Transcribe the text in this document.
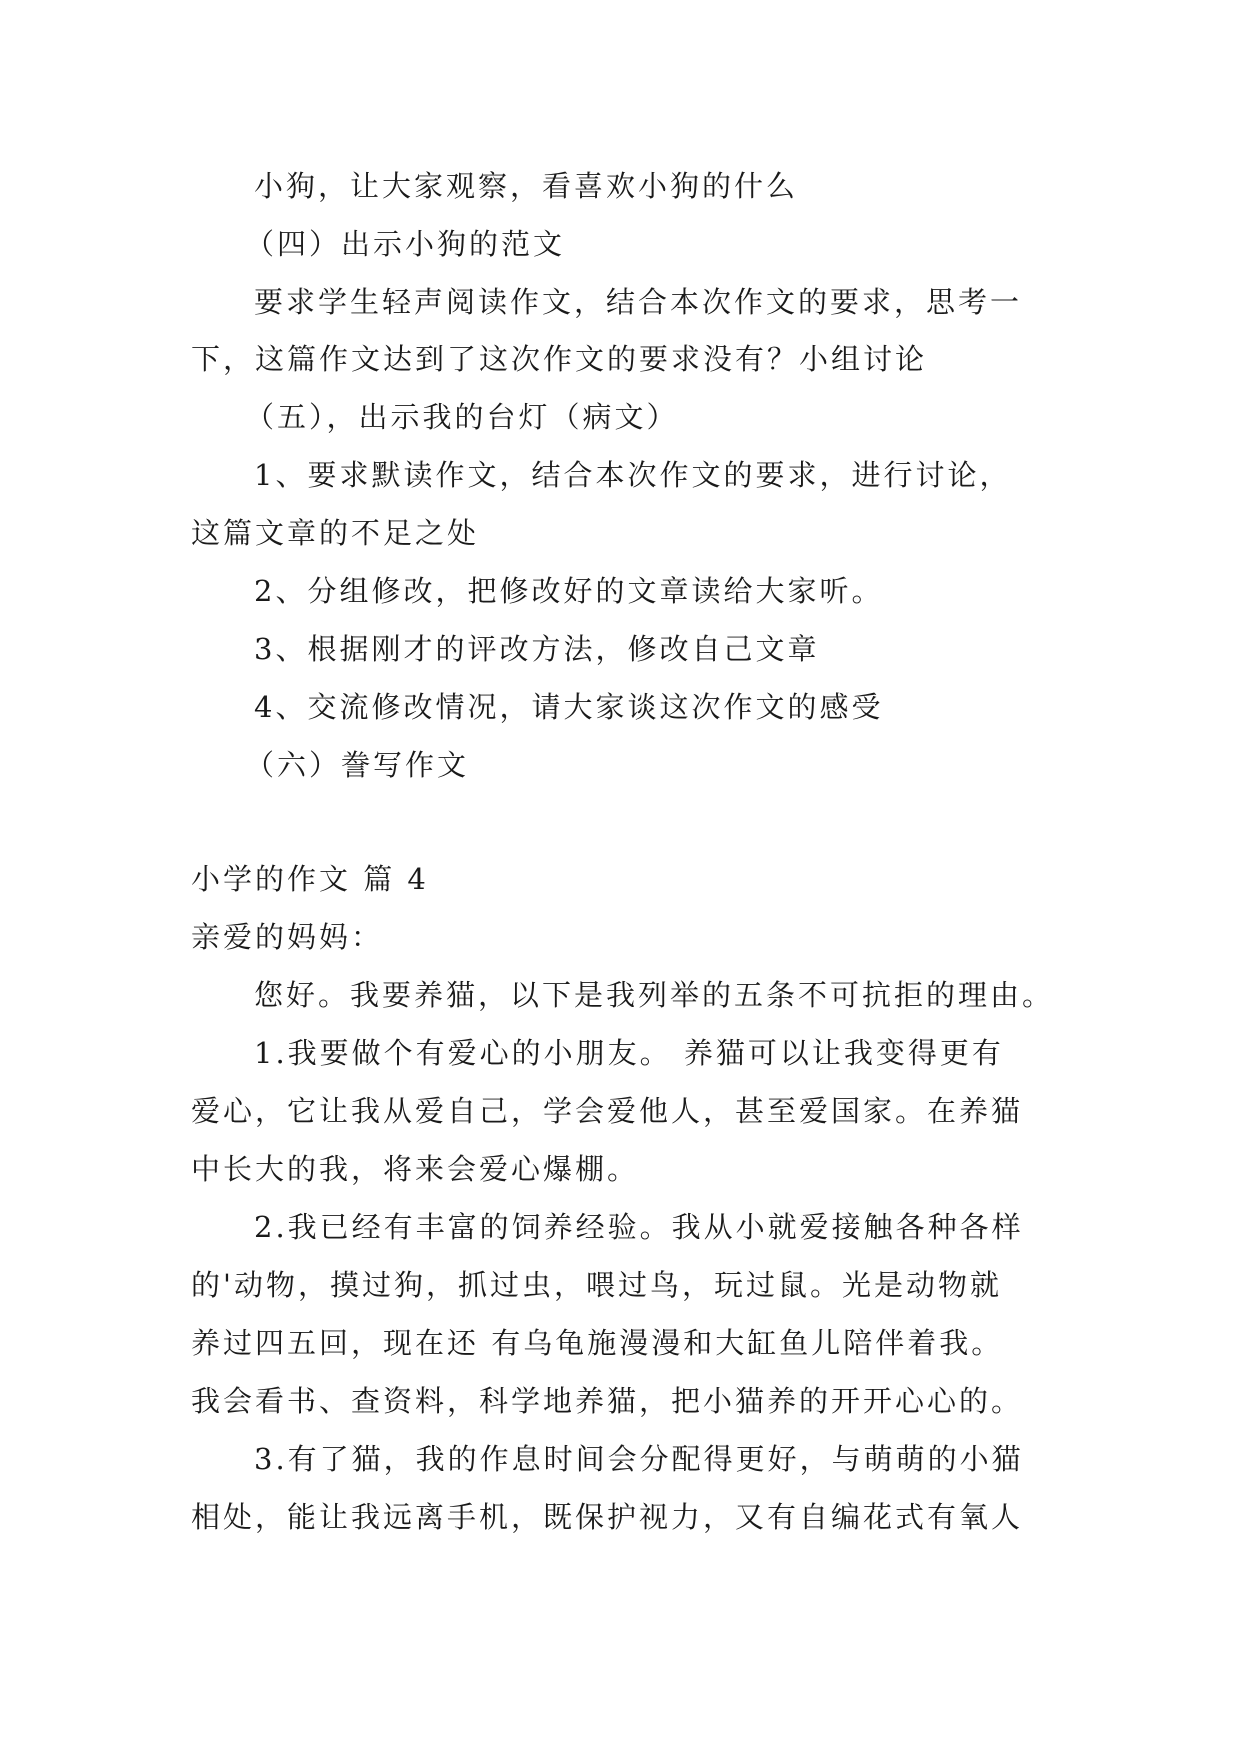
小狗，让大家观察，看喜欢小狗的什么
（四）出示小狗的范文
要求学生轻声阅读作文，结合本次作文的要求，思考一
下，这篇作文达到了这次作文的要求没有？小组讨论
（五），出示我的台灯（病文）
1、要求默读作文，结合本次作文的要求，进行讨论，
这篇文章的不足之处
2、分组修改，把修改好的文章读给大家听。
3、根据刚才的评改方法，修改自己文章
4、交流修改情况，请大家谈这次作文的感受
（六）誊写作文
小学的作文 篇 4
亲爱的妈妈：
您好。我要养猫，以下是我列举的五条不可抗拒的理由。
1.我要做个有爱心的小朋友。 养猫可以让我变得更有
爱心，它让我从爱自己，学会爱他人，甚至爱国家。在养猫
中长大的我，将来会爱心爆棚。
2.我已经有丰富的饲养经验。我从小就爱接触各种各样
的'动物，摸过狗，抓过虫，喂过鸟，玩过鼠。光是动物就
养过四五回，现在还 有乌龟施漫漫和大缸鱼儿陪伴着我。
我会看书、查资料，科学地养猫，把小猫养的开开心心的。
3.有了猫，我的作息时间会分配得更好，与萌萌的小猫
相处，能让我远离手机，既保护视力，又有自编花式有氧人
